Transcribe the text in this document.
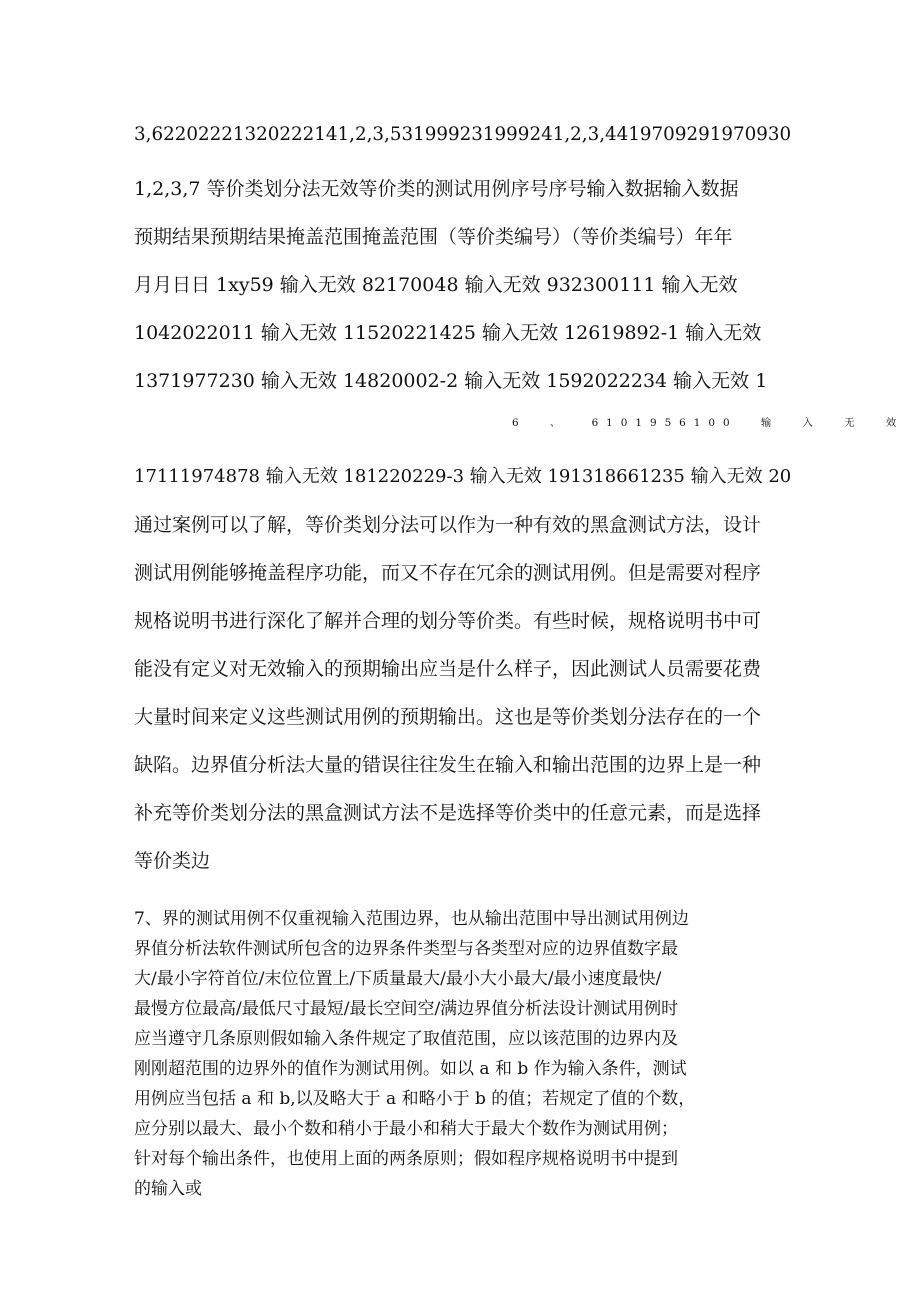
3,62202221320222141,2,3,531999231999241,2,3,4419709291970930
1,2,3,7 等价类划分法无效等价类的测试用例序号序号输入数据输入数据
预期结果预期结果掩盖范围掩盖范围（等价类编号）（等价类编号）年年
月月日日 1xy59 输入无效 82170048 输入无效 932300111 输入无效
1042022011 输入无效 11520221425 输入无效 12619892-1 输入无效
1371977230 输入无效 14820002-2 输入无效 1592022234 输入无效 1
6 、 6101956100 输 入 无 效
17111974878 输入无效 181220229-3 输入无效 191318661235 输入无效 20
通过案例可以了解，等价类划分法可以作为一种有效的黑盒测试方法，设计
测试用例能够掩盖程序功能，而又不存在冗余的测试用例。但是需要对程序
规格说明书进行深化了解并合理的划分等价类。有些时候，规格说明书中可
能没有定义对无效输入的预期输出应当是什么样子，因此测试人员需要花费
大量时间来定义这些测试用例的预期输出。这也是等价类划分法存在的一个
缺陷。边界值分析法大量的错误往往发生在输入和输出范围的边界上是一种
补充等价类划分法的黑盒测试方法不是选择等价类中的任意元素，而是选择
等价类边
7、界的测试用例不仅重视输入范围边界，也从输出范围中导出测试用例边
界值分析法软件测试所包含的边界条件类型与各类型对应的边界值数字最
大/最小字符首位/末位位置上/下质量最大/最小大小最大/最小速度最快/
最慢方位最高/最低尺寸最短/最长空间空/满边界值分析法设计测试用例时
应当遵守几条原则假如输入条件规定了取值范围，应以该范围的边界内及
刚刚超范围的边界外的值作为测试用例。如以 a 和 b 作为输入条件，测试
用例应当包括 a 和 b,以及略大于 a 和略小于 b 的值；若规定了值的个数，
应分别以最大、最小个数和稍小于最小和稍大于最大个数作为测试用例；
针对每个输出条件，也使用上面的两条原则；假如程序规格说明书中提到
的输入或
